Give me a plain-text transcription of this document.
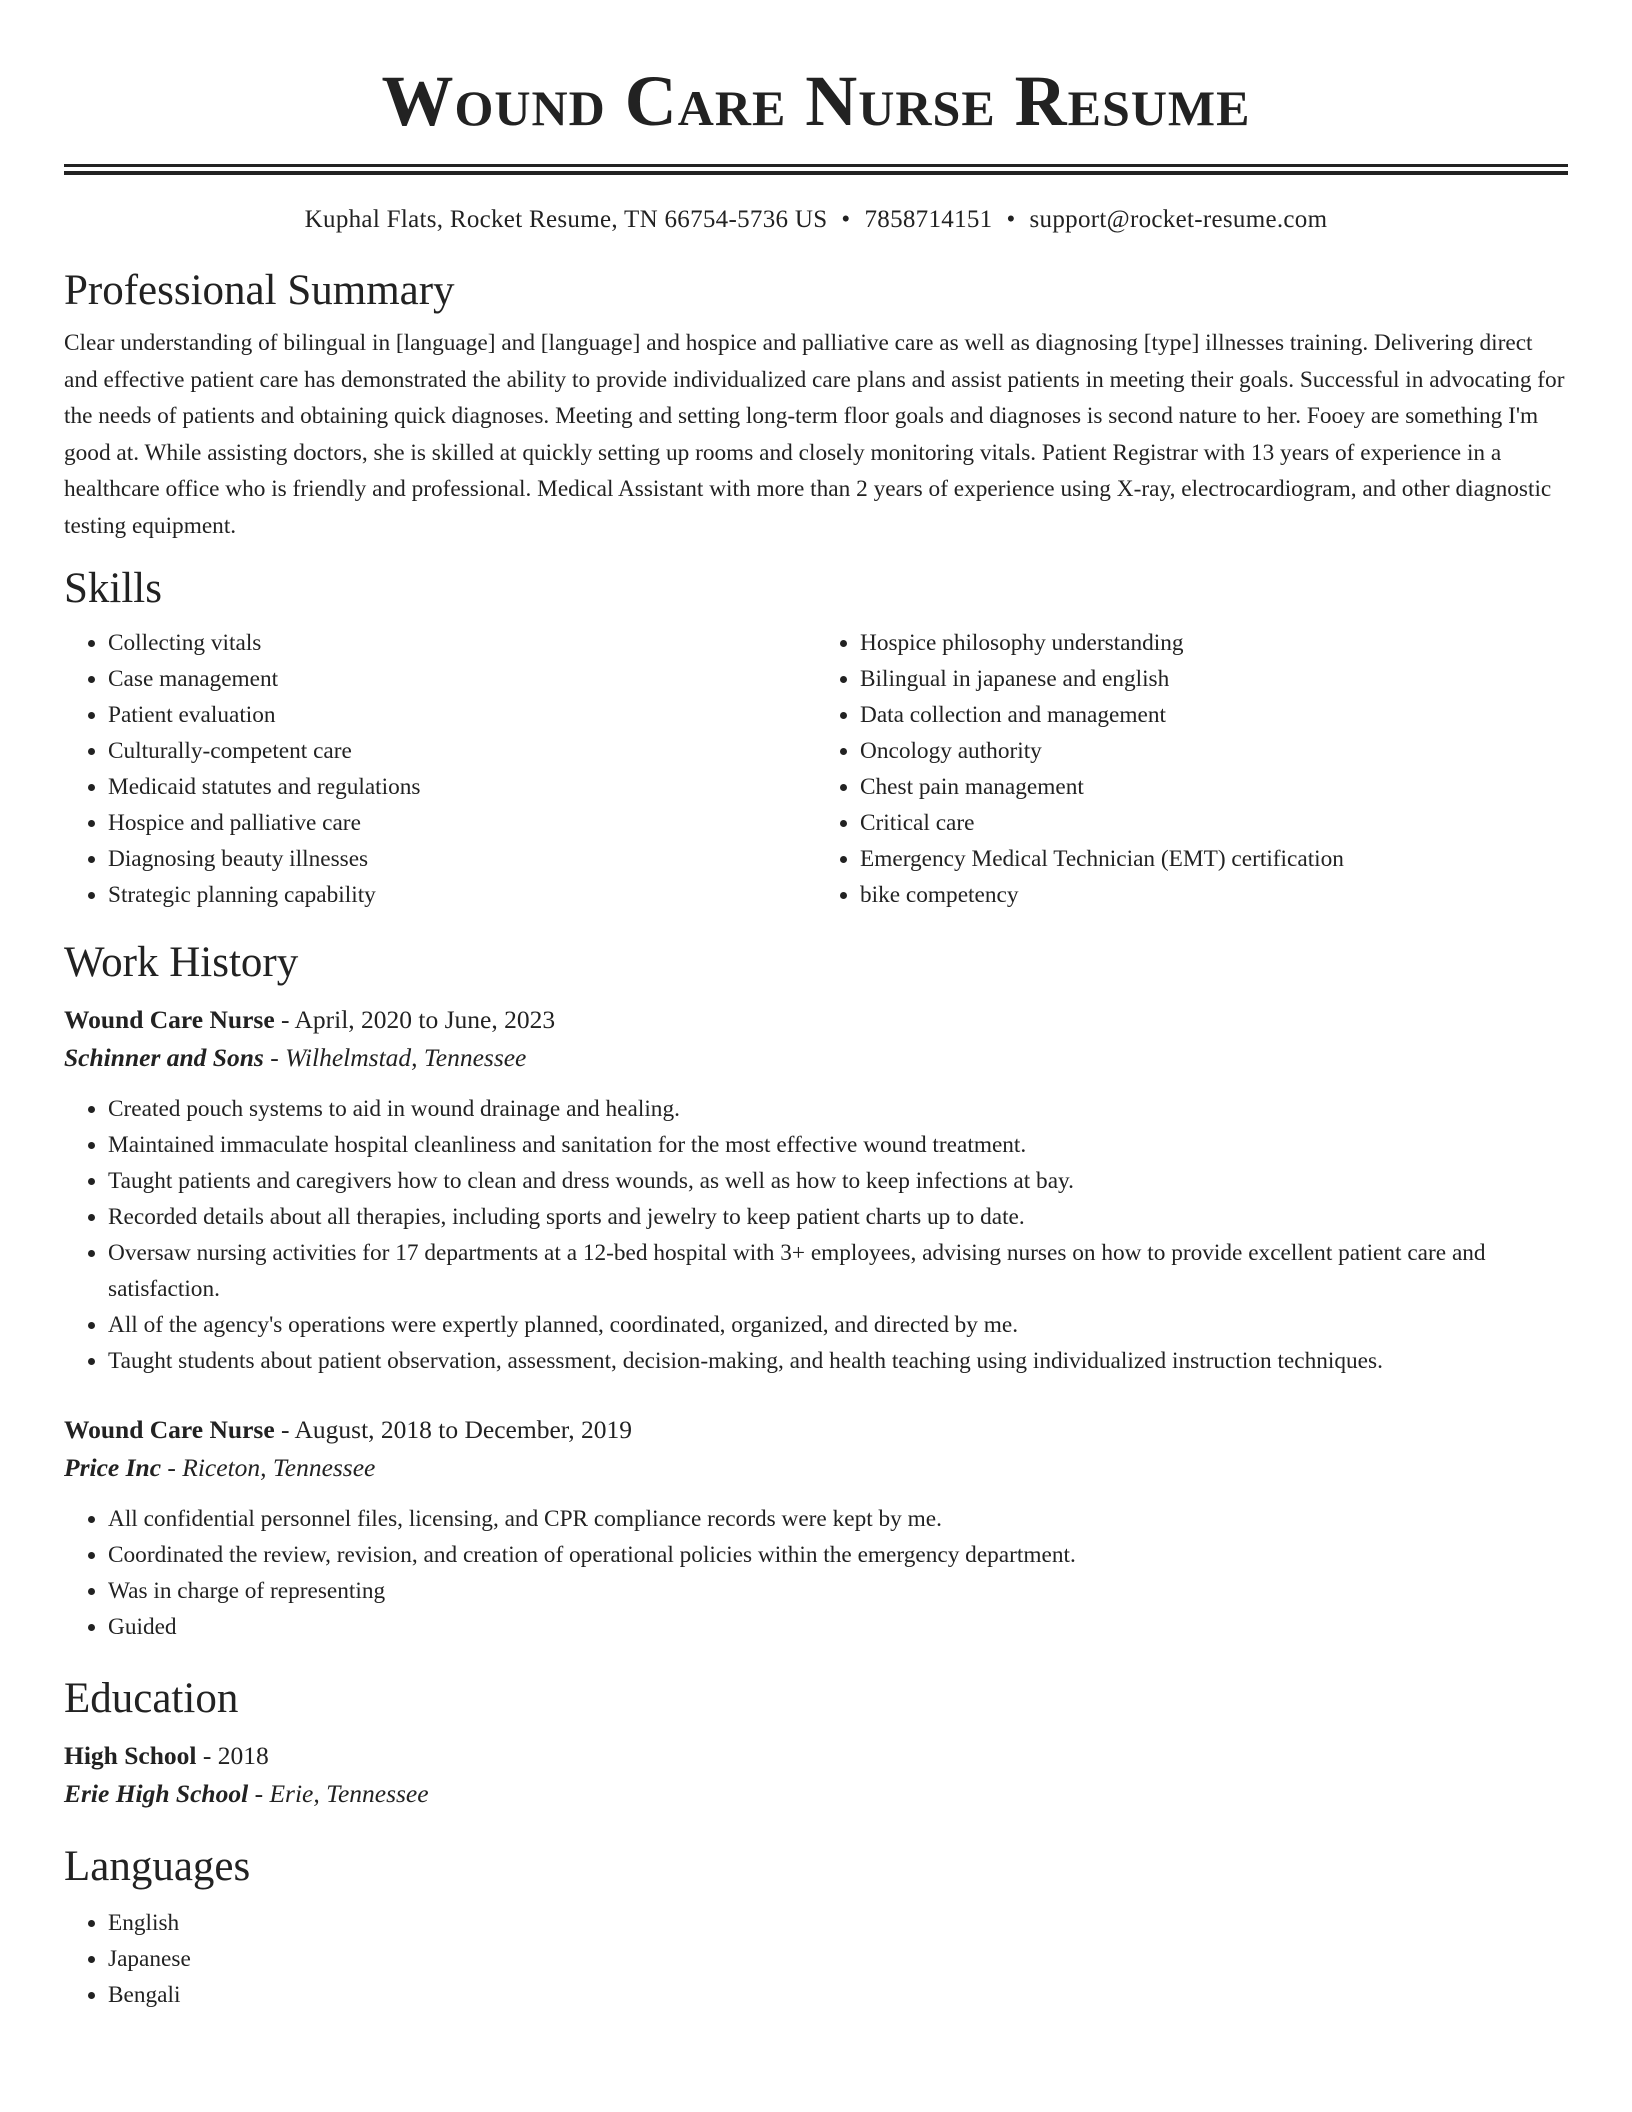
Wound Care Nurse Resume
Kuphal Flats, Rocket Resume, TN 66754-5736 US • 7858714151 • support@rocket-resume.com
Professional Summary
Clear understanding of bilingual in [language] and [language] and hospice and palliative care as well as diagnosing [type] illnesses training. Delivering direct and effective patient care has demonstrated the ability to provide individualized care plans and assist patients in meeting their goals. Successful in advocating for the needs of patients and obtaining quick diagnoses. Meeting and setting long-term floor goals and diagnoses is second nature to her. Fooey are something I'm good at. While assisting doctors, she is skilled at quickly setting up rooms and closely monitoring vitals. Patient Registrar with 13 years of experience in a healthcare office who is friendly and professional. Medical Assistant with more than 2 years of experience using X-ray, electrocardiogram, and other diagnostic testing equipment.
Skills
• Collecting vitals
• Case management
• Patient evaluation
• Culturally-competent care
• Medicaid statutes and regulations
• Hospice and palliative care
• Diagnosing beauty illnesses
• Strategic planning capability
• Hospice philosophy understanding
• Bilingual in japanese and english
• Data collection and management
• Oncology authority
• Chest pain management
• Critical care
• Emergency Medical Technician (EMT) certification
• bike competency
Work History
Wound Care Nurse - April, 2020 to June, 2023
Schinner and Sons - Wilhelmstad, Tennessee
• Created pouch systems to aid in wound drainage and healing.
• Maintained immaculate hospital cleanliness and sanitation for the most effective wound treatment.
• Taught patients and caregivers how to clean and dress wounds, as well as how to keep infections at bay.
• Recorded details about all therapies, including sports and jewelry to keep patient charts up to date.
• Oversaw nursing activities for 17 departments at a 12-bed hospital with 3+ employees, advising nurses on how to provide excellent patient care and satisfaction.
• All of the agency's operations were expertly planned, coordinated, organized, and directed by me.
• Taught students about patient observation, assessment, decision-making, and health teaching using individualized instruction techniques.
Wound Care Nurse - August, 2018 to December, 2019
Price Inc - Riceton, Tennessee
• All confidential personnel files, licensing, and CPR compliance records were kept by me.
• Coordinated the review, revision, and creation of operational policies within the emergency department.
• Was in charge of representing
• Guided
Education
High School - 2018
Erie High School - Erie, Tennessee
Languages
• English
• Japanese
• Bengali
